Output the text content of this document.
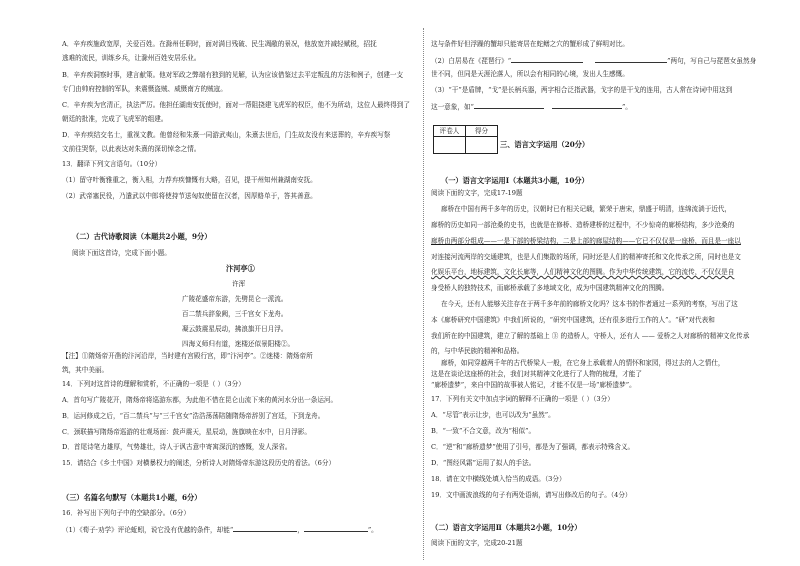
A．辛弃疾施政宽厚，关爱百姓。在滁州任职时，面对满目残破、民生凋敝的景况，他放宽并减轻赋税，招抚
逃难的流民，训练乡兵，让滁州百姓安居乐业。
B．辛弃疾洞察时事，建言献策。他对军政之弊端有独到的见解，认为应该借鉴过去平定叛乱的方法和例子，创建一支
专门由帅府控制的军队，来震慑盗贼、威慑南方的贼寇。
C．辛弃疾为官清正，执法严厉。他担任湖南安抚使时，面对一帮阻挠建飞虎军的权臣，他不为所动，这位人最终得到了
朝廷的批准，完成了飞虎军的组建。
D．辛弃疾结交名士，重视文教。他曾经和朱熹一同游武夷山，朱熹去世后，门生故友没有来送葬的，辛弃疾写祭
文前往哭祭，以此表达对朱熹的深切悼念之情。
13．翻译下列文言语句。（10分）
（1）留守叶衡雅重之，衡入相，力荐弃疾慷慨有大略，召见，提干州知州兼湖南安抚。
（2）武帝塞民役，乃遣武以中郎将使持节送匈奴使留在汉者，因厚赂单于，答其善意。
（二）古代诗歌阅读（本题共2小题，9分）
阅读下面这首诗，完成下面小题。
汴河亭①
许浑
广陵花盛帝东游，先劈昆仑一派流。
百二禁兵辞象阙，三千宫女下龙舟。
凝云鼓震星辰动，拂浪旗开日月浮。
四海义师归有道，迷楼还似景阳楼②。
【注】①隋炀帝开凿的汴河沿岸，当时建有宫殿行宫，即“汴河亭”。②迷楼：隋炀帝所
筑，其中美丽。
14．下列对这首诗的理解和赏析，不正确的一项是（ ）（3分）
A．首句写广陵花开，隋炀帝将巡游东都，为此他不惜在昆仑山流下来的黄河水分出一条运河。
B．运河修成之后，“百二禁兵”与“三千宫女”浩浩荡荡陪随隋炀帝辞别了宫廷，下到龙舟。
C．颈联描写隋炀帝巡游的壮观场面：鼓声震天，星辰动，旌旗映在水中，日月浮影。
D．首尾诗笔力雄厚，气势雄壮，诗人于讽古意中寄寓深沉的感慨，发人深省。
15．请结合《乡土中国》对横暴权力的阐述，分析诗人对隋炀帝东游这段历史的看法。（6分）
（三）名篇名句默写（本题共1小题，6分）
16．补写出下列句子中的空缺部分。（6分）
（1）《荀子·劝学》评论蚯蚓，说它没有优越的条件，却能“	，	”。
这与条件好但浮躁的蟹却只能寄居在蛇鳝之穴的蟹形成了鲜明对比。
（2）白居易在《琵琶行》“	”两句，写自己与琵琶女虽然身
世不同，但同是天涯沦落人，所以会有相同的心境，发出人生感慨。
（3）“干”是盾牌，“戈”是长柄兵器，两字相合泛指武器，戈字的是干戈的连用，古人常在诗词中用这到
这一意象，如“	”。
评卷人	得分
三、语言文字运用（20分）
（一）语言文字运用Ⅰ（本题共3小题，10分）
阅读下面的文字，完成17-19题
廊桥在中国有两千多年的历史，汉朝时已有相关记载，繁荣于唐宋，鼎盛于明清，连绵流淌于近代，
廊桥的历史如同一部沧桑的史书，也就是在修桥、造桥建桥的过程中，不少惊奇的廊桥结构，多少沧桑的
廊桥由两部分组成——一是下部的桥梁结构，二是上部的廊屋结构——它已不仅仅是一座桥，而且是一座以
对连接河流两岸的交通建筑，也是人们集散的场所，同时还是人们的精神寄托和文化传承之所，同时也是文
化娱乐平台，地标建筑，文化长廊等，人们精神文化的图腾。作为中华传统建筑，它的流传，不仅仅是自
身受桥人的独特技术，而廊桥承载了多地域文化，成为中国建筑精神文化的图腾。
在今天，还有人能够关注存在于两千多年前的廊桥文化吗？这本书的作者通过一系列的考察，写出了这
本《廊桥研究中国建筑》中我们所说的，“研究中国建筑，还有很多进行工作的人”。“研”对代表和
我们所在的中国建筑，建立了解的基础上 ③ 的造桥人，守桥人，还有人 —— 爱桥之人对廊桥的精神文化传承
的，与中华民族的精神和品格。
廊桥，如同穿越两千年的古代桥梁人一般，在它身上承载着人的情怀和家园，得过去的人之情仕，
这是在谈论这座桥的社会，我们对其精神文化进行了人物的梳理，才能了
“廊桥遗梦”，来自中国的故事被人铭记，才能不仅是一场“廊桥遗梦”。
17．下列有关文中加点字词的解释不正确的一项是（ ）（3分）
A．“尽管”表示让步，也可以改为“虽然”。
B．“一致”不合文意，改为“相似”。
C．“逆”和“廊桥遗梦”使用了引号，都是为了强调，都表示特殊含义。
D．“图经风霜”运用了拟人的手法。
18．请在文中横线处填入恰当的成语。（3分）
19．文中画波浪线的句子有两处语病，请写出修改后的句子。（4分）
（二）语言文字运用Ⅱ（本题共2小题，10分）
阅读下面的文字，完成20-21题
